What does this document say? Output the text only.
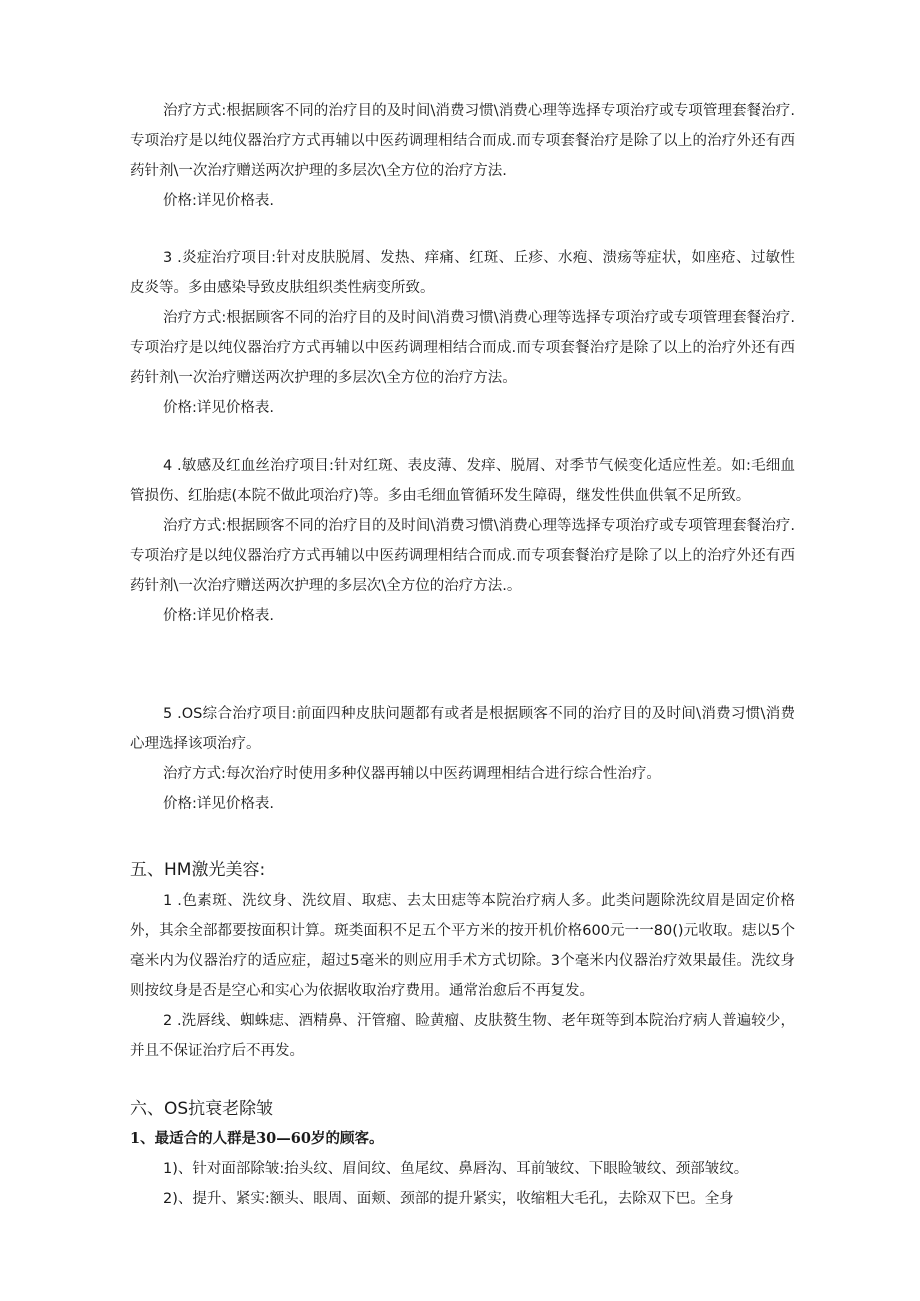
治疗方式:根据顾客不同的治疗目的及时间\消费习惯\消费心理等选择专项治疗或专项管理套餐治疗.专项治疗是以纯仪器治疗方式再辅以中医药调理相结合而成.而专项套餐治疗是除了以上的治疗外还有西药针剂\一次治疗赠送两次护理的多层次\全方位的治疗方法.

价格:详见价格表.

3 .炎症治疗项目:针对皮肤脱屑、发热、痒痛、红斑、丘疹、水疱、溃疡等症状，如座疮、过敏性皮炎等。多由感染导致皮肤组织类性病变所致。

治疗方式:根据顾客不同的治疗目的及时间\消费习惯\消费心理等选择专项治疗或专项管理套餐治疗.专项治疗是以纯仪器治疗方式再辅以中医药调理相结合而成.而专项套餐治疗是除了以上的治疗外还有西药针剂\一次治疗赠送两次护理的多层次\全方位的治疗方法。

价格:详见价格表.

4 .敏感及红血丝治疗项目:针对红斑、表皮薄、发痒、脱屑、对季节气候变化适应性差。如:毛细血管损伤、红胎痣(本院不做此项治疗)等。多由毛细血管循环发生障碍，继发性供血供氧不足所致。

治疗方式:根据顾客不同的治疗目的及时间\消费习惯\消费心理等选择专项治疗或专项管理套餐治疗.专项治疗是以纯仪器治疗方式再辅以中医药调理相结合而成.而专项套餐治疗是除了以上的治疗外还有西药针剂\一次治疗赠送两次护理的多层次\全方位的治疗方法.。

价格:详见价格表.

5 .OS综合治疗项目:前面四种皮肤问题都有或者是根据顾客不同的治疗目的及时间\消费习惯\消费心理选择该项治疗。

治疗方式:每次治疗时使用多种仪器再辅以中医药调理相结合进行综合性治疗。

价格:详见价格表.

五、HM激光美容:

1 .色素斑、洗纹身、洗纹眉、取痣、去太田痣等本院治疗病人多。此类问题除洗纹眉是固定价格外，其余全部都要按面积计算。斑类面积不足五个平方米的按开机价格600元一一80()元收取。痣以5个毫米内为仪器治疗的适应症，超过5毫米的则应用手术方式切除。3个毫米内仪器治疗效果最佳。洗纹身则按纹身是否是空心和实心为依据收取治疗费用。通常治愈后不再复发。

2 .洗唇线、蜘蛛痣、酒精鼻、汗管瘤、睑黄瘤、皮肤赘生物、老年斑等到本院治疗病人普遍较少，并且不保证治疗后不再发。

六、OS抗衰老除皱
1、最适合的人群是30—60岁的顾客。

1)、针对面部除皱:抬头纹、眉间纹、鱼尾纹、鼻唇沟、耳前皱纹、下眼睑皱纹、颈部皱纹。

2)、提升、紧实:额头、眼周、面颊、颈部的提升紧实，收缩粗大毛孔，去除双下巴。全身
